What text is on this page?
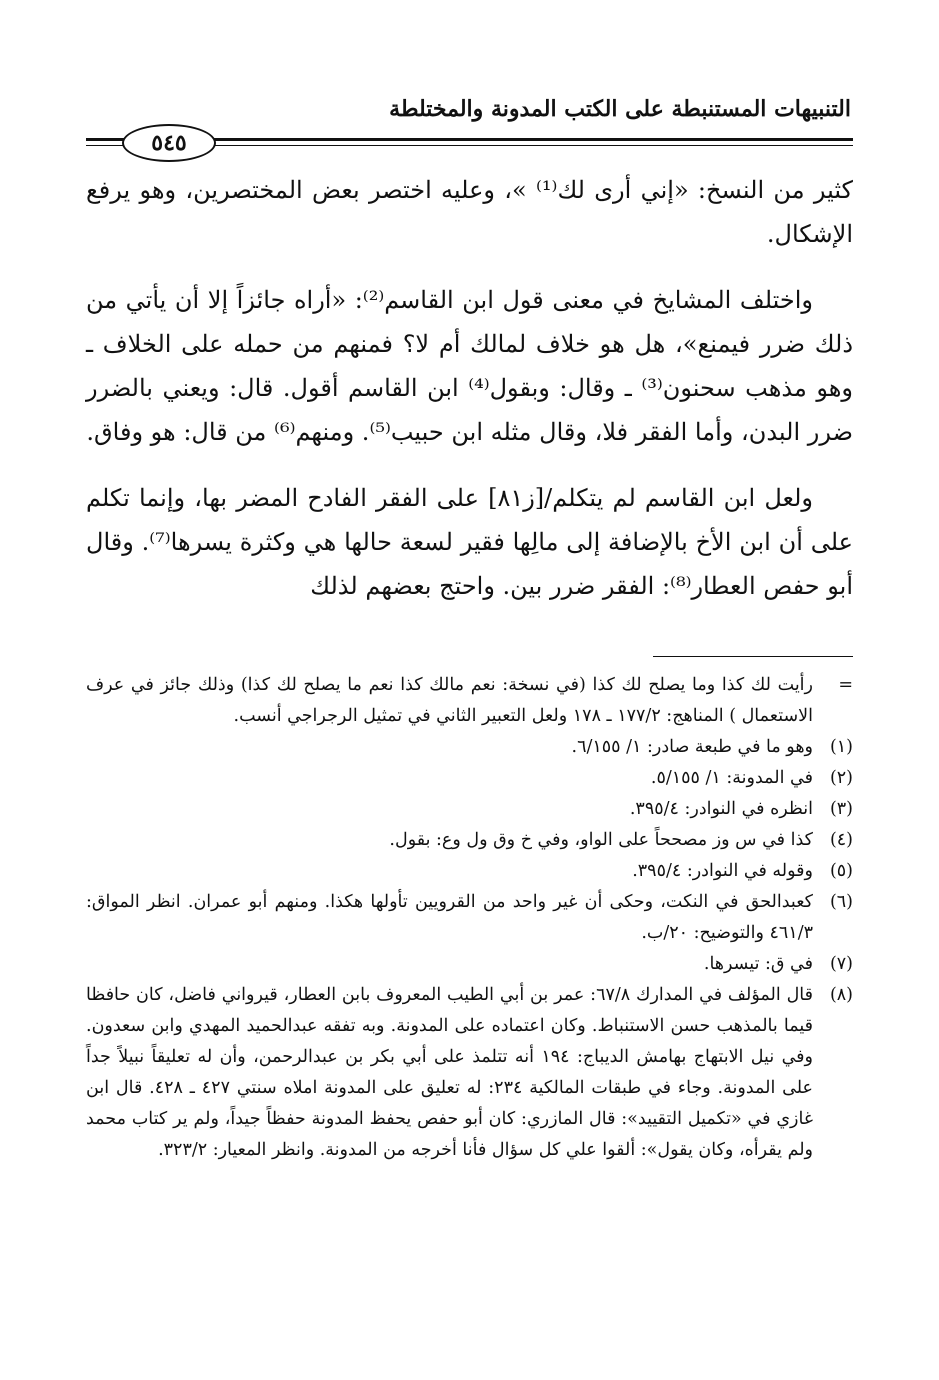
التنبيهات المستنبطة على الكتب المدونة والمختلطة
٥٤٥

كثير من النسخ: «إني أرى لك⁽¹⁾ »، وعليه اختصر بعض المختصرين، وهو يرفع الإشكال.

واختلف المشايخ في معنى قول ابن القاسم⁽²⁾: «أراه جائزاً إلا أن يأتي من ذلك ضرر فيمنع»، هل هو خلاف لمالك أم لا؟ فمنهم من حمله على الخلاف ـ وهو مذهب سحنون⁽³⁾ ـ وقال: وبقول⁽⁴⁾ ابن القاسم أقول. قال: ويعني بالضرر ضرر البدن، وأما الفقر فلا، وقال مثله ابن حبيب⁽⁵⁾. ومنهم⁽⁶⁾ من قال: هو وفاق.

ولعل ابن القاسم لم يتكلم/[ز٨١] على الفقر الفادح المضر بها، وإنما تكلم على أن ابن الأخ بالإضافة إلى مالِها فقير لسعة حالها هي وكثرة يسرها⁽⁷⁾. وقال أبو حفص العطار⁽⁸⁾: الفقر ضرر بين. واحتج بعضهم لذلك

=
رأيت لك كذا وما يصلح لك كذا (في نسخة: نعم مالك كذا نعم ما يصلح لك كذا) وذلك جائز في عرف الاستعمال ) المناهج: ١٧٧/٢ ـ ١٧٨ ولعل التعبير الثاني في تمثيل الرجراجي أنسب.
(١)
وهو ما في طبعة صادر: ١/ ٦/١٥٥.
(٢)
في المدونة: ١/ ٥/١٥٥.
(٣)
انظره في النوادر: ٣٩٥/٤.
(٤)
كذا في س وز مصححاً على الواو، وفي خ وق ول وع: بقول.
(٥)
وقوله في النوادر: ٣٩٥/٤.
(٦)
كعبدالحق في النكت، وحكى أن غير واحد من القرويين تأولها هكذا. ومنهم أبو عمران. انظر المواق: ٤٦١/٣ والتوضيح: ٢٠/ب.
(٧)
في ق: تيسرها.
(٨)
قال المؤلف في المدارك ٦٧/٨: عمر بن أبي الطيب المعروف بابن العطار، قيرواني فاضل، كان حافظا قيما بالمذهب حسن الاستنباط. وكان اعتماده على المدونة. وبه تفقه عبدالحميد المهدي وابن سعدون. وفي نيل الابتهاج بهامش الديباج: ١٩٤ أنه تتلمذ على أبي بكر بن عبدالرحمن، وأن له تعليقاً نبيلاً جداً على المدونة. وجاء في طبقات المالكية ٢٣٤: له تعليق على المدونة املاه سنتي ٤٢٧ ـ ٤٢٨. قال ابن غازي في «تكميل التقييد»: قال المازري: كان أبو حفص يحفظ المدونة حفظاً جيداً، ولم ير كتاب محمد ولم يقرأه، وكان يقول»: ألقوا علي كل سؤال فأنا أخرجه من المدونة. وانظر المعيار: ٣٢٣/٢.
